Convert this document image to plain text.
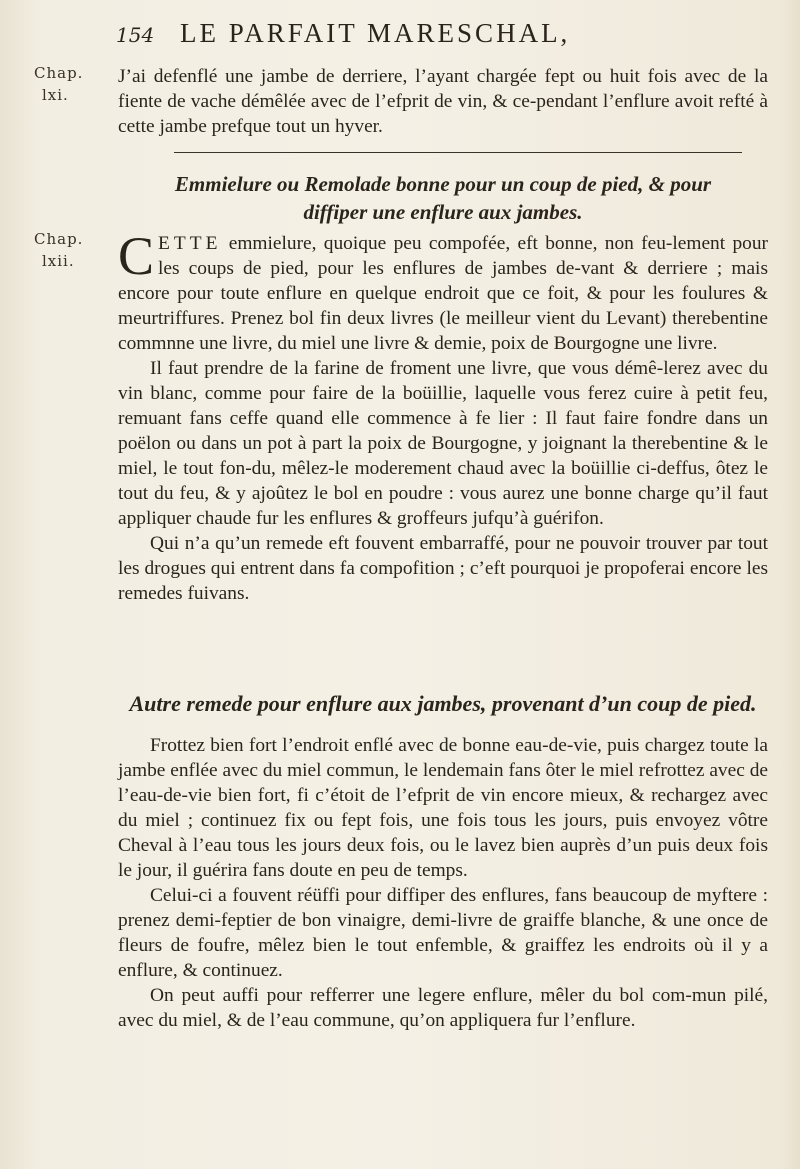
154 LE PARFAIT MARESCHAL,
Chap.
lxi.

J’ai defenflé une jambe de derriere, l’ayant chargée fept ou huit fois avec de la fiente de vache démêlée avec de l’efprit de vin, & ce-pendant l’enflure avoit refté à cette jambe prefque tout un hyver.

Emmielure ou Remolade bonne pour un coup de pied, & pour
diffiper une enflure aux jambes.
Chap.
lxii. CETTE emmielure, quoique peu compofée, eft bonne, non feu-lement pour les coups de pied, pour les enflures de jambes de-vant & derriere ; mais encore pour toute enflure en quelque endroit que ce foit, & pour les foulures & meurtriffures. Prenez bol fin deux livres (le meilleur vient du Levant) therebentine commnne une livre, du miel une livre & demie, poix de Bourgogne une livre.

Il faut prendre de la farine de froment une livre, que vous démê-lerez avec du vin blanc, comme pour faire de la boüillie, laquelle vous ferez cuire à petit feu, remuant fans ceffe quand elle commence à fe lier : Il faut faire fondre dans un poëlon ou dans un pot à part la poix de Bourgogne, y joignant la therebentine & le miel, le tout fon-du, mêlez-le moderement chaud avec la boüillie ci-deffus, ôtez le tout du feu, & y ajoûtez le bol en poudre : vous aurez une bonne charge qu’il faut appliquer chaude fur les enflures & groffeurs jufqu’à guérifon.

Qui n’a qu’un remede eft fouvent embarraffé, pour ne pouvoir trouver par tout les drogues qui entrent dans fa compofition ; c’eft pourquoi je propoferai encore les remedes fuivans.

Autre remede pour enflure aux jambes, provenant d’un coup de pied.

Frottez bien fort l’endroit enflé avec de bonne eau-de-vie, puis chargez toute la jambe enflée avec du miel commun, le lendemain fans ôter le miel refrottez avec de l’eau-de-vie bien fort, fi c’étoit de l’efprit de vin encore mieux, & rechargez avec du miel ; continuez fix ou fept fois, une fois tous les jours, puis envoyez vôtre Cheval à l’eau tous les jours deux fois, ou le lavez bien auprès d’un puis deux fois le jour, il guérira fans doute en peu de temps.

Celui-ci a fouvent réüffi pour diffiper des enflures, fans beaucoup de myftere : prenez demi-feptier de bon vinaigre, demi-livre de graiffe blanche, & une once de fleurs de foufre, mêlez bien le tout enfemble, & graiffez les endroits où il y a enflure, & continuez.

On peut auffi pour refferrer une legere enflure, mêler du bol com-mun pilé, avec du miel, & de l’eau commune, qu’on appliquera fur l’enflure.
